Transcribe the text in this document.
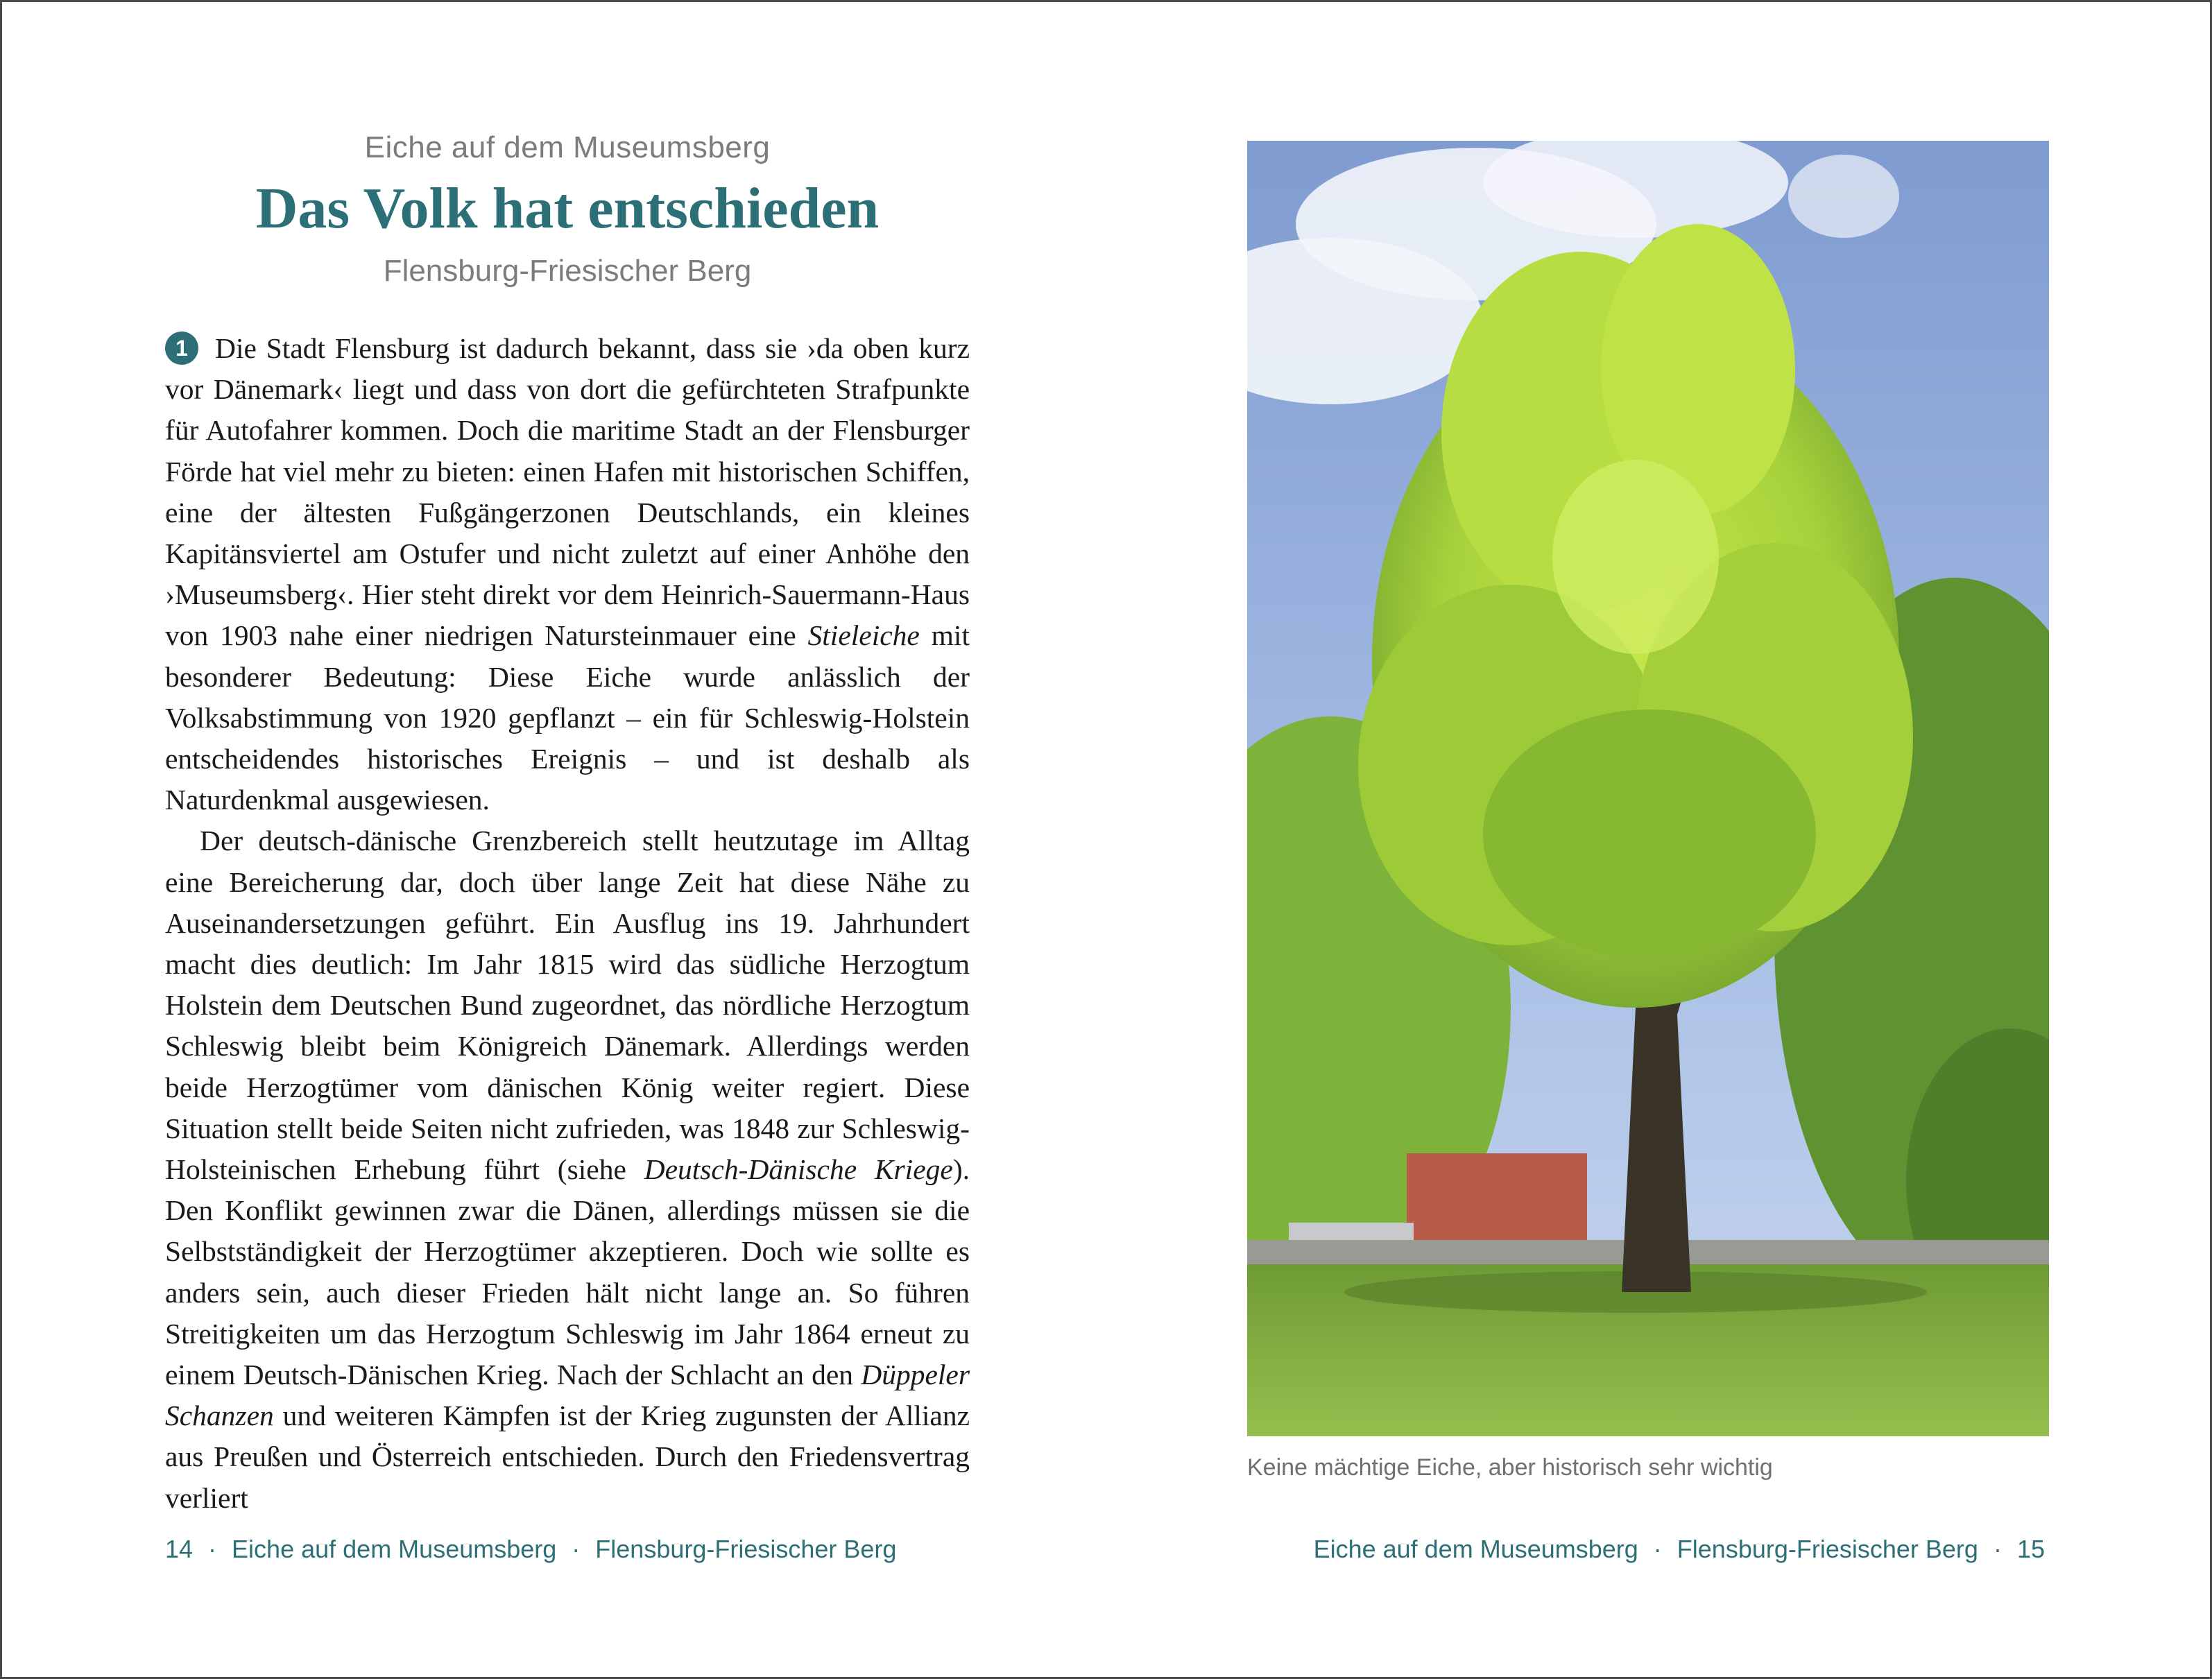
Eiche auf dem Museumsberg

Das Volk hat entschieden

Flensburg-Friesischer Berg

1 Die Stadt Flensburg ist dadurch bekannt, dass sie ›da oben kurz vor Dänemark‹ liegt und dass von dort die gefürchteten Strafpunkte für Autofahrer kommen. Doch die maritime Stadt an der Flensburger Förde hat viel mehr zu bieten: einen Hafen mit historischen Schiffen, eine der ältesten Fußgängerzonen Deutschlands, ein kleines Kapitänsviertel am Ostufer und nicht zuletzt auf einer Anhöhe den ›Museumsberg‹. Hier steht direkt vor dem Heinrich-Sauermann-Haus von 1903 nahe einer niedrigen Natursteinmauer eine Stieleiche mit besonderer Bedeutung: Diese Eiche wurde anlässlich der Volksabstimmung von 1920 gepflanzt – ein für Schleswig-Holstein entscheidendes historisches Ereignis – und ist deshalb als Naturdenkmal ausgewiesen.

Der deutsch-dänische Grenzbereich stellt heutzutage im Alltag eine Bereicherung dar, doch über lange Zeit hat diese Nähe zu Auseinandersetzungen geführt. Ein Ausflug ins 19. Jahrhundert macht dies deutlich: Im Jahr 1815 wird das südliche Herzogtum Holstein dem Deutschen Bund zugeordnet, das nördliche Herzogtum Schleswig bleibt beim Königreich Dänemark. Allerdings werden beide Herzogtümer vom dänischen König weiter regiert. Diese Situation stellt beide Seiten nicht zufrieden, was 1848 zur Schleswig-Holsteinischen Erhebung führt (siehe Deutsch-Dänische Kriege). Den Konflikt gewinnen zwar die Dänen, allerdings müssen sie die Selbstständigkeit der Herzogtümer akzeptieren. Doch wie sollte es anders sein, auch dieser Frieden hält nicht lange an. So führen Streitigkeiten um das Herzogtum Schleswig im Jahr 1864 erneut zu einem Deutsch-Dänischen Krieg. Nach der Schlacht an den Düppeler Schanzen und weiteren Kämpfen ist der Krieg zugunsten der Allianz aus Preußen und Österreich entschieden. Durch den Friedensvertrag verliert

Keine mächtige Eiche, aber historisch sehr wichtig
14 · Eiche auf dem Museumsberg · Flensburg-Friesischer Berg	Eiche auf dem Museumsberg · Flensburg-Friesischer Berg · 15
